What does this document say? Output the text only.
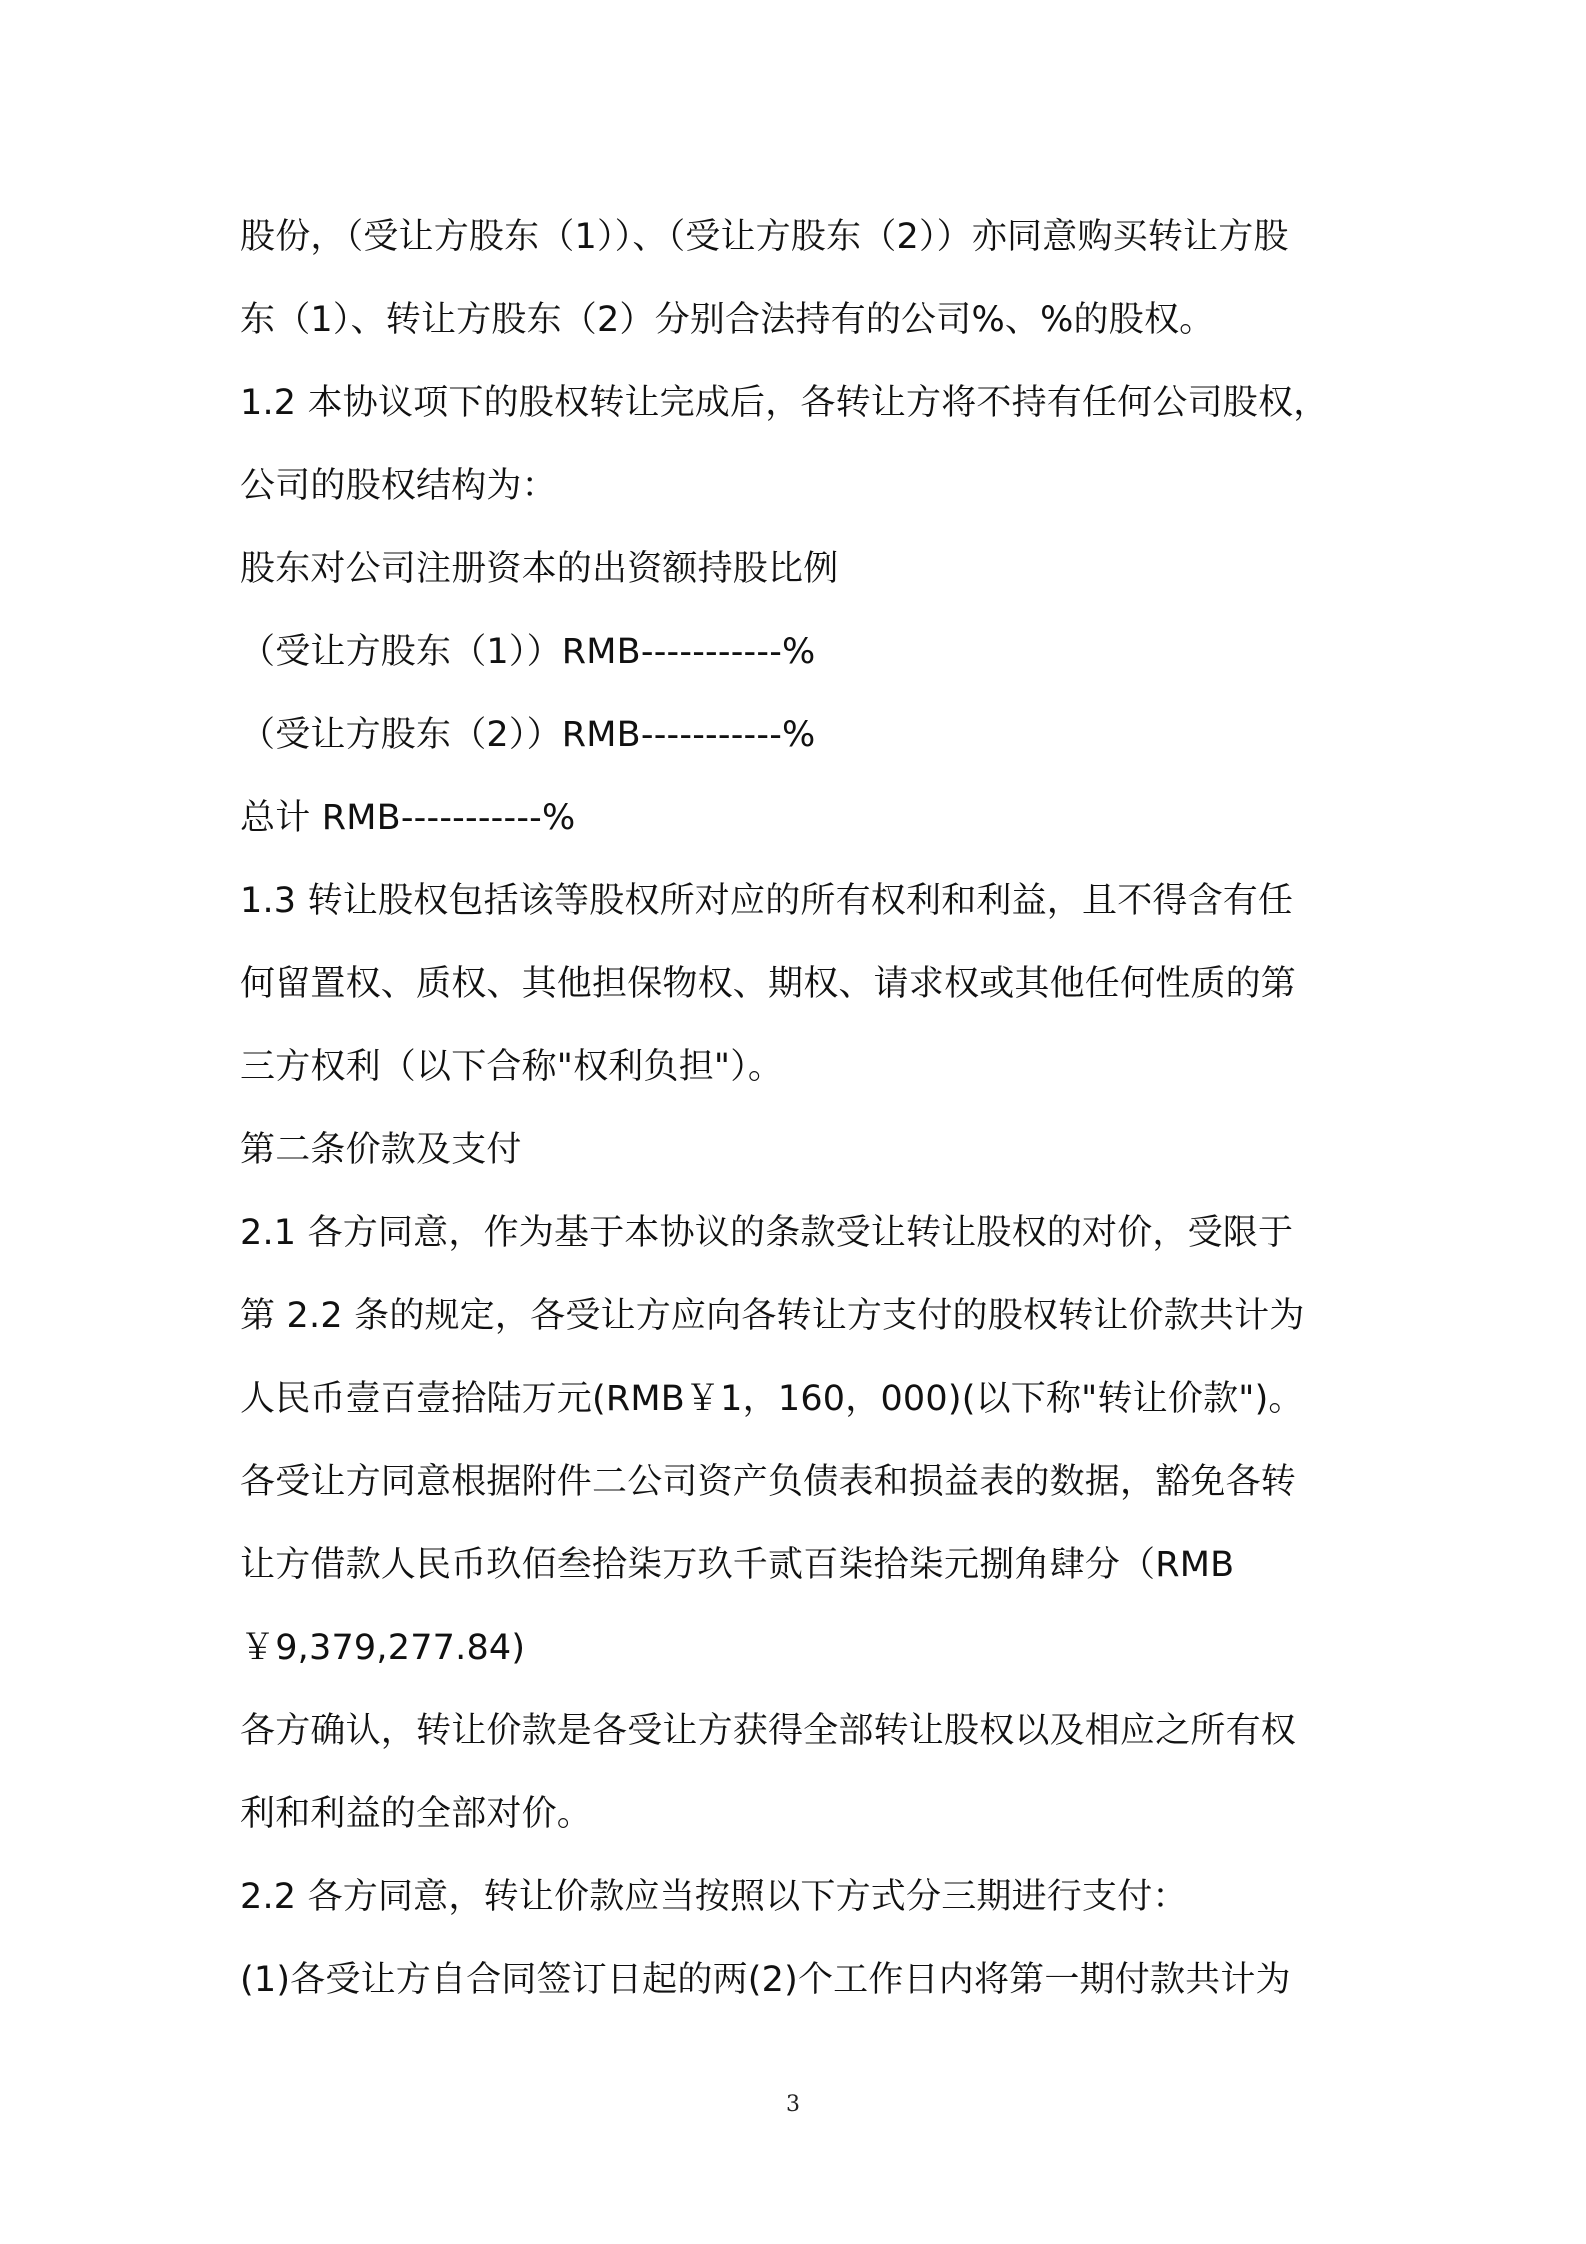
股份，（受让方股东（1））、（受让方股东（2））亦同意购买转让方股
东（1）、转让方股东（2）分别合法持有的公司%、%的股权。
1.2 本协议项下的股权转让完成后，各转让方将不持有任何公司股权，
公司的股权结构为：
股东对公司注册资本的出资额持股比例
（受让方股东（1））RMB-----------%
（受让方股东（2））RMB-----------%
总计 RMB-----------%
1.3 转让股权包括该等股权所对应的所有权利和利益，且不得含有任
何留置权、质权、其他担保物权、期权、请求权或其他任何性质的第
三方权利（以下合称"权利负担"）。
第二条价款及支付
2.1 各方同意，作为基于本协议的条款受让转让股权的对价，受限于
第 2.2 条的规定，各受让方应向各转让方支付的股权转让价款共计为
人民币壹百壹拾陆万元(RMB￥1，160，000)(以下称"转让价款")。
各受让方同意根据附件二公司资产负债表和损益表的数据，豁免各转
让方借款人民币玖佰叁拾柒万玖千贰百柒拾柒元捌角肆分（RMB
￥9,379,277.84)
各方确认，转让价款是各受让方获得全部转让股权以及相应之所有权
利和利益的全部对价。
2.2 各方同意，转让价款应当按照以下方式分三期进行支付：
(1)各受让方自合同签订日起的两(2)个工作日内将第一期付款共计为
3
